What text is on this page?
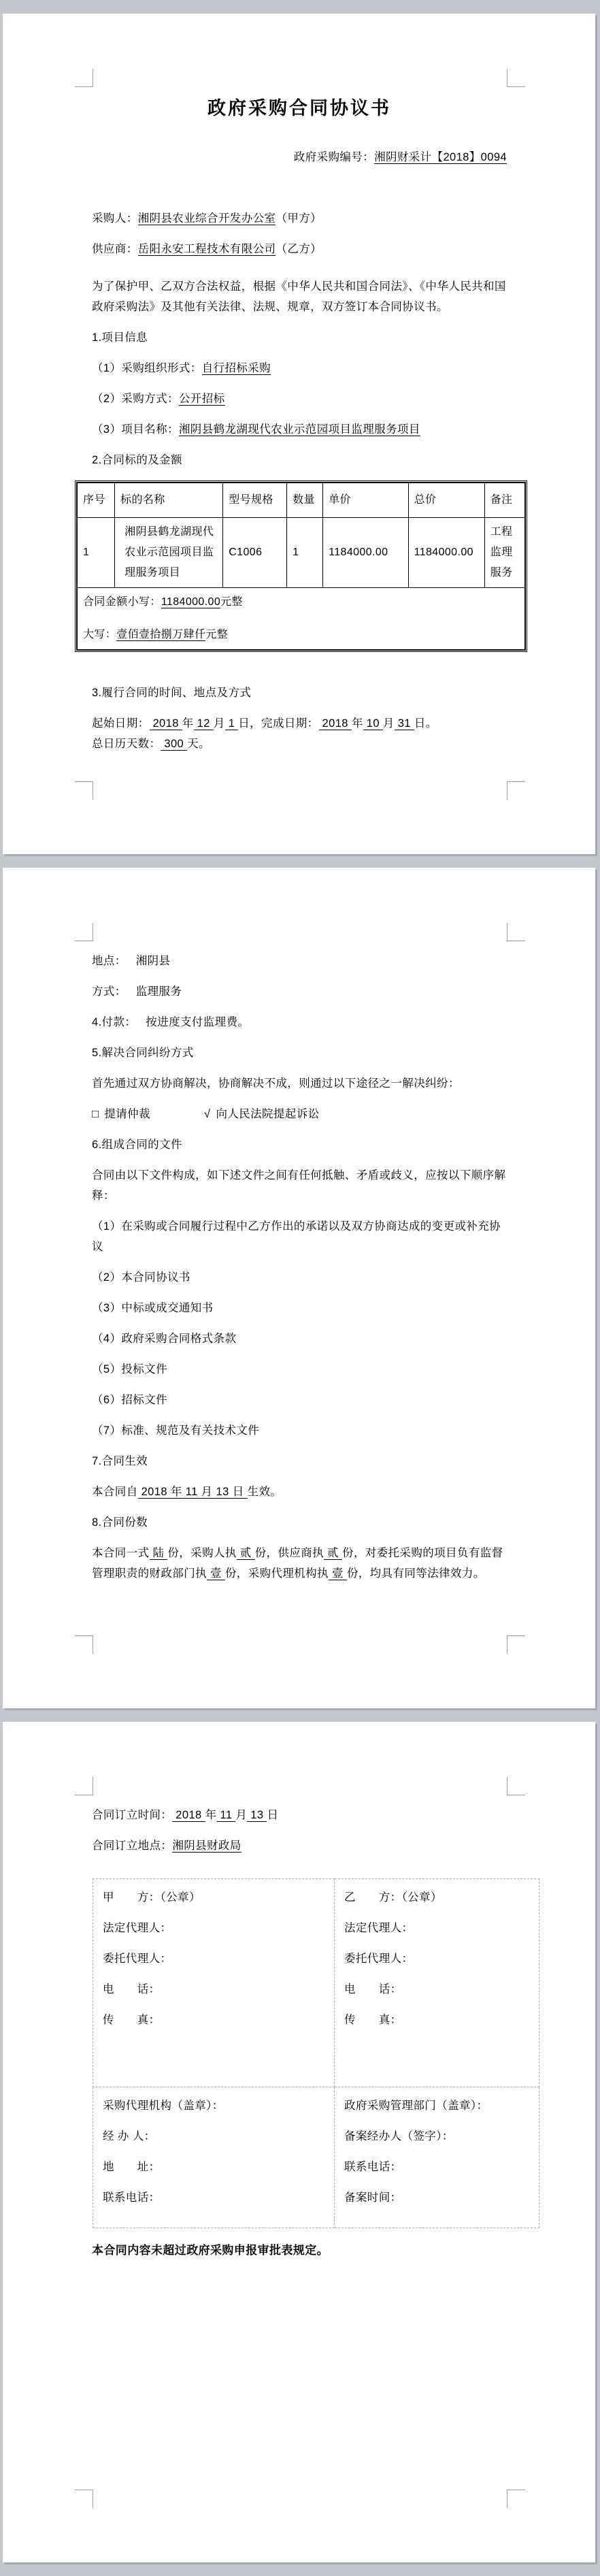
政府采购合同协议书

政府采购编号：湘阴财采计【2018】0094

采购人：湘阴县农业综合开发办公室（甲方）

供应商：岳阳永安工程技术有限公司（乙方）

为了保护甲、乙双方合法权益，根据《中华人民共和国合同法》、《中华人民共和国政府采购法》及其他有关法律、法规、规章，双方签订本合同协议书。

1.项目信息

（1）采购组织形式：自行招标采购

（2）采购方式：公开招标

（3）项目名称：湘阴县鹤龙湖现代农业示范园项目监理服务项目

2.合同标的及金额

序号	标的名称	型号规格	数量	单价	总价	备注
1	湘阴县鹤龙湖现代农业示范园项目监理服务项目	C1006	1	1184000.00	1184000.00	工程监理服务

合同金额小写：1184000.00元整

大写：壹佰壹拾捌万肆仟元整						

3.履行合同的时间、地点及方式

起始日期： 2018 年 12 月 1 日，完成日期： 2018 年 10 月 31 日。
总日历天数： 300 天。

地点： 湘阴县

方式： 监理服务

4.付款： 按进度支付监理费。

5.解决合同纠纷方式

首先通过双方协商解决，协商解决不成，则通过以下途径之一解决纠纷：

□ 提请仲裁	√ 向人民法院提起诉讼

6.组成合同的文件

合同由以下文件构成，如下述文件之间有任何抵触、矛盾或歧义，应按以下顺序解释：

（1）在采购或合同履行过程中乙方作出的承诺以及双方协商达成的变更或补充协议

（2）本合同协议书

（3）中标或成交通知书

（4）政府采购合同格式条款

（5）投标文件

（6）招标文件

（7）标准、规范及有关技术文件

7.合同生效

本合同自 2018 年 11 月 13 日 生效。

8.合同份数

本合同一式 陆 份，采购人执 贰 份，供应商执 贰 份，对委托采购的项目负有监督管理职责的财政部门执 壹 份，采购代理机构执 壹 份，均具有同等法律效力。

合同订立时间： 2018 年 11 月 13 日

合同订立地点：湘阴县财政局

甲　　方：（公章）

法定代理人：

委托代理人：

电　　话：

传　　真：

乙　　方：（公章）

法定代理人：

委托代理人：

电　　话：

传　　真：

采购代理机构（盖章）：

经 办 人：

地　　址：

联系电话：

政府采购管理部门（盖章）：

备案经办人（签字）：

联系电话：

备案时间：

本合同内容未超过政府采购申报审批表规定。
